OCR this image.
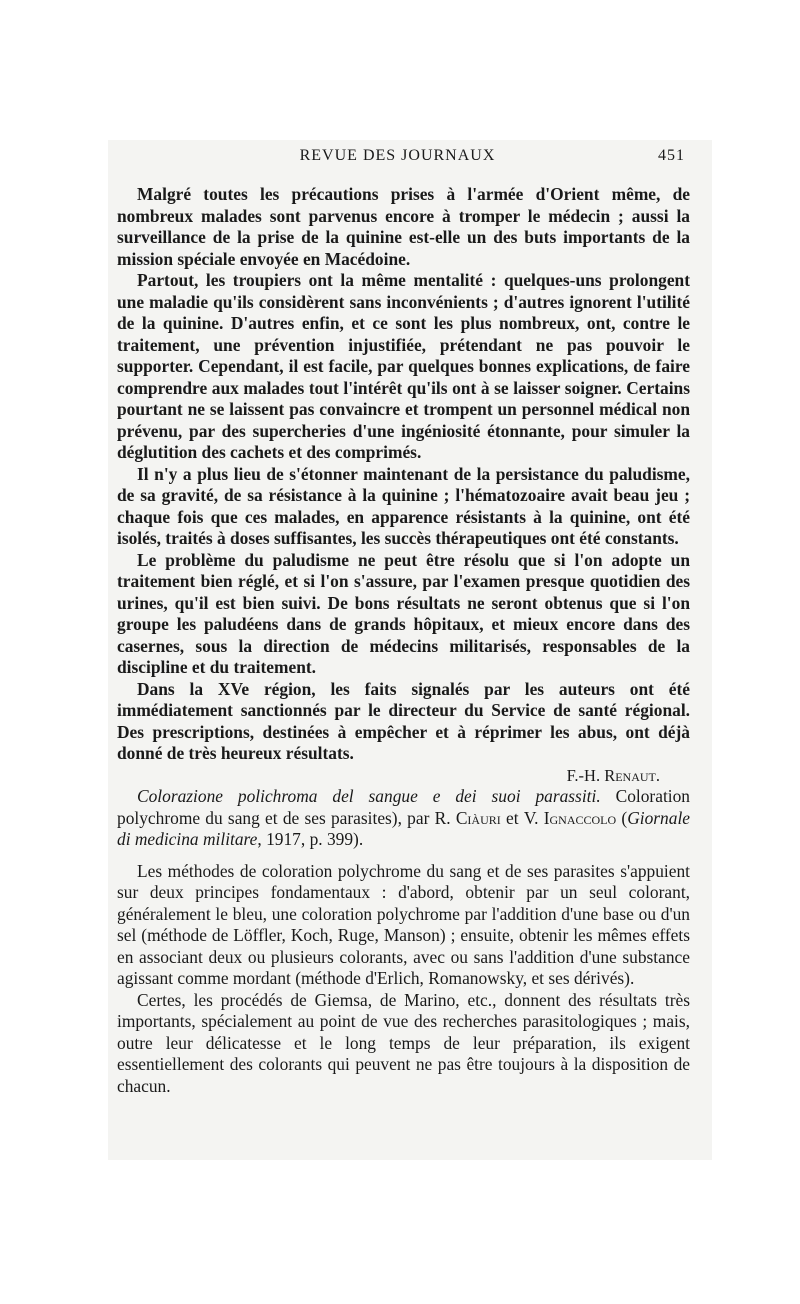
REVUE DES JOURNAUX	451

Malgré toutes les précautions prises à l'armée d'Orient même, de nombreux malades sont parvenus encore à tromper le médecin ; aussi la surveillance de la prise de la quinine est-elle un des buts importants de la mission spéciale envoyée en Macédoine.

Partout, les troupiers ont la même mentalité : quelques-uns prolongent une maladie qu'ils considèrent sans inconvénients ; d'autres ignorent l'utilité de la quinine. D'autres enfin, et ce sont les plus nombreux, ont, contre le traitement, une prévention injustifiée, prétendant ne pas pouvoir le supporter. Cependant, il est facile, par quelques bonnes explications, de faire comprendre aux malades tout l'intérêt qu'ils ont à se laisser soigner. Certains pourtant ne se laissent pas convaincre et trompent un personnel médical non prévenu, par des supercheries d'une ingéniosité étonnante, pour simuler la déglutition des cachets et des comprimés.

Il n'y a plus lieu de s'étonner maintenant de la persistance du paludisme, de sa gravité, de sa résistance à la quinine ; l'hématozoaire avait beau jeu ; chaque fois que ces malades, en apparence résistants à la quinine, ont été isolés, traités à doses suffisantes, les succès thérapeutiques ont été constants.

Le problème du paludisme ne peut être résolu que si l'on adopte un traitement bien réglé, et si l'on s'assure, par l'examen presque quotidien des urines, qu'il est bien suivi. De bons résultats ne seront obtenus que si l'on groupe les paludéens dans de grands hôpitaux, et mieux encore dans des casernes, sous la direction de médecins militarisés, responsables de la discipline et du traitement.

Dans la XVe région, les faits signalés par les auteurs ont été immédiatement sanctionnés par le directeur du Service de santé régional. Des prescriptions, destinées à empêcher et à réprimer les abus, ont déjà donné de très heureux résultats.

F.-H. Renaut.

Colorazione polichroma del sangue e dei suoi parassiti. Coloration polychrome du sang et de ses parasites), par R. Ciàuri et V. Ignaccolo (Giornale di medicina militare, 1917, p. 399).

Les méthodes de coloration polychrome du sang et de ses parasites s'appuient sur deux principes fondamentaux : d'abord, obtenir par un seul colorant, généralement le bleu, une coloration polychrome par l'addition d'une base ou d'un sel (méthode de Löffler, Koch, Ruge, Manson) ; ensuite, obtenir les mêmes effets en associant deux ou plusieurs colorants, avec ou sans l'addition d'une substance agissant comme mordant (méthode d'Erlich, Romanowsky, et ses dérivés).

Certes, les procédés de Giemsa, de Marino, etc., donnent des résultats très importants, spécialement au point de vue des recherches parasitologiques ; mais, outre leur délicatesse et le long temps de leur préparation, ils exigent essentiellement des colorants qui peuvent ne pas être toujours à la disposition de chacun.
